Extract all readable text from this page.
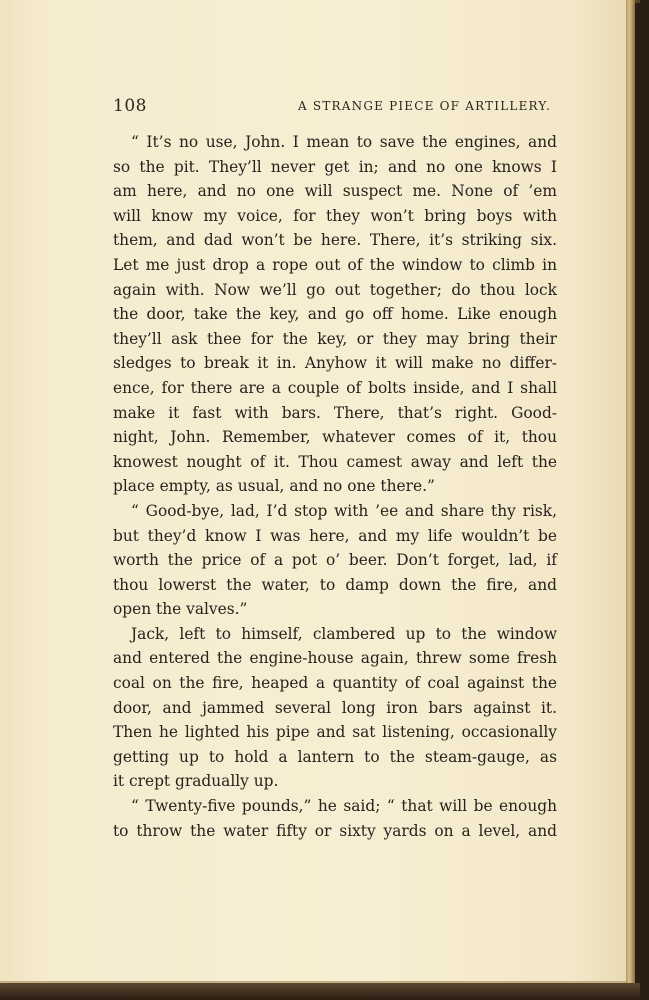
108	A STRANGE PIECE OF ARTILLERY.
“ It’s no use, John. I mean to save the engines, and
so the pit. They’ll never get in; and no one knows I
am here, and no one will suspect me. None of ’em
will know my voice, for they won’t bring boys with
them, and dad won’t be here. There, it’s striking six.
Let me just drop a rope out of the window to climb in
again with. Now we’ll go out together; do thou lock
the door, take the key, and go off home. Like enough
they’ll ask thee for the key, or they may bring their
sledges to break it in. Anyhow it will make no differ-
ence, for there are a couple of bolts inside, and I shall
make it fast with bars. There, that’s right. Good-
night, John. Remember, whatever comes of it, thou
knowest nought of it. Thou camest away and left the
place empty, as usual, and no one there.”
“ Good-bye, lad, I’d stop with ’ee and share thy risk,
but they’d know I was here, and my life wouldn’t be
worth the price of a pot o’ beer. Don’t forget, lad, if
thou lowerst the water, to damp down the fire, and
open the valves.”
Jack, left to himself, clambered up to the window
and entered the engine-house again, threw some fresh
coal on the fire, heaped a quantity of coal against the
door, and jammed several long iron bars against it.
Then he lighted his pipe and sat listening, occasionally
getting up to hold a lantern to the steam-gauge, as
it crept gradually up.
“ Twenty-five pounds,” he said; “ that will be enough
to throw the water fifty or sixty yards on a level, and
